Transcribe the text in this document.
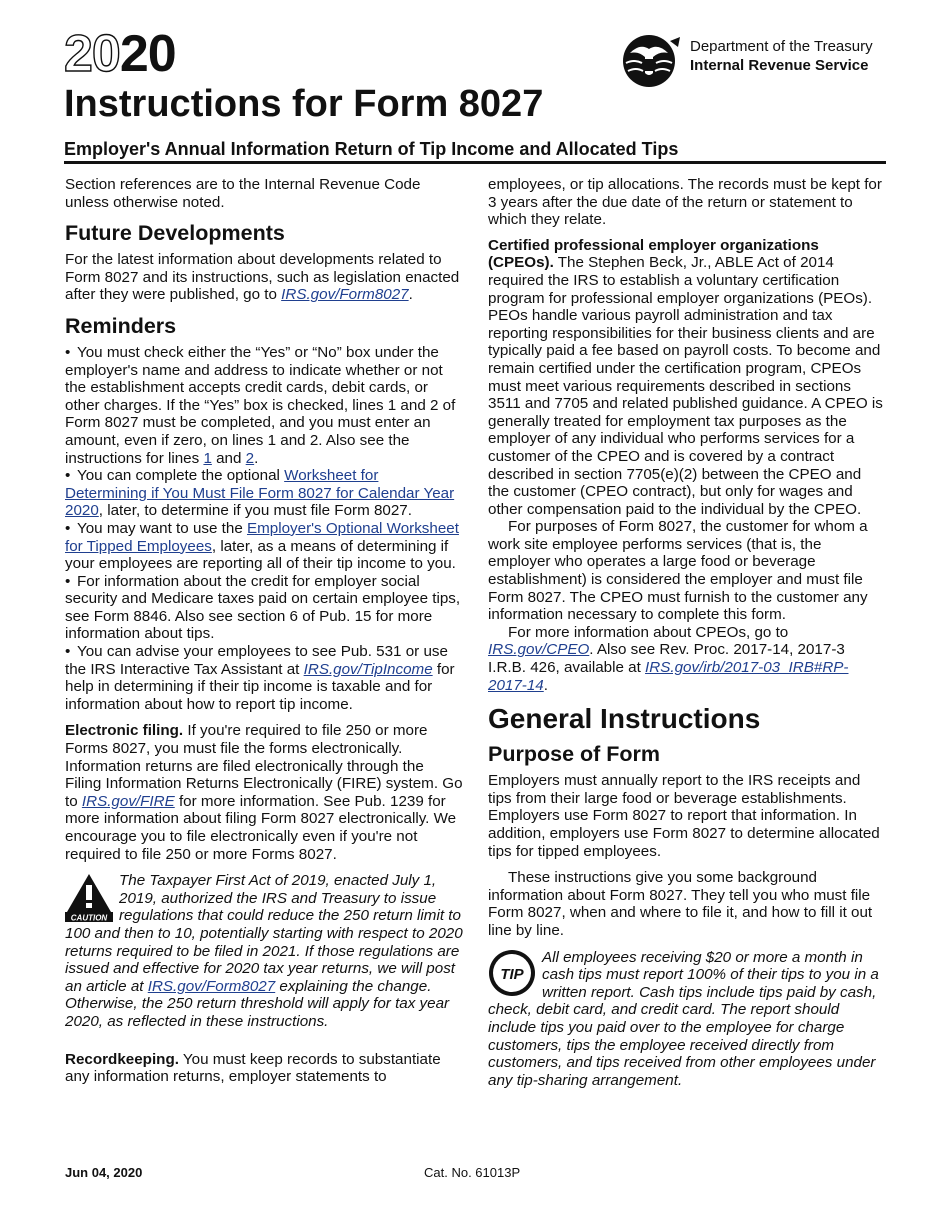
2020
Instructions for Form 8027
Department of the Treasury
Internal Revenue Service
Employer's Annual Information Return of Tip Income and Allocated Tips

Section references are to the Internal Revenue Code unless otherwise noted.

Future Developments

For the latest information about developments related to Form 8027 and its instructions, such as legislation enacted after they were published, go to IRS.gov/Form8027.

Reminders

• You must check either the “Yes” or “No” box under the employer's name and address to indicate whether or not the establishment accepts credit cards, debit cards, or other charges. If the “Yes” box is checked, lines 1 and 2 of Form 8027 must be completed, and you must enter an amount, even if zero, on lines 1 and 2. Also see the instructions for lines 1 and 2.

• You can complete the optional Worksheet for Determining if You Must File Form 8027 for Calendar Year 2020, later, to determine if you must file Form 8027.

• You may want to use the Employer's Optional Worksheet for Tipped Employees, later, as a means of determining if your employees are reporting all of their tip income to you.

• For information about the credit for employer social security and Medicare taxes paid on certain employee tips, see Form 8846. Also see section 6 of Pub. 15 for more information about tips.

• You can advise your employees to see Pub. 531 or use the IRS Interactive Tax Assistant at IRS.gov/TipIncome for help in determining if their tip income is taxable and for information about how to report tip income.

Electronic filing. If you're required to file 250 or more Forms 8027, you must file the forms electronically. Information returns are filed electronically through the Filing Information Returns Electronically (FIRE) system. Go to IRS.gov/FIRE for more information. See Pub. 1239 for more information about filing Form 8027 electronically. We encourage you to file electronically even if you're not required to file 250 or more Forms 8027.

CAUTION
The Taxpayer First Act of 2019, enacted July 1, 2019, authorized the IRS and Treasury to issue regulations that could reduce the 250 return limit to 100 and then to 10, potentially starting with respect to 2020 returns required to be filed in 2021. If those regulations are issued and effective for 2020 tax year returns, we will post an article at IRS.gov/Form8027 explaining the change. Otherwise, the 250 return threshold will apply for tax year 2020, as reflected in these instructions.

Recordkeeping. You must keep records to substantiate any information returns, employer statements to

employees, or tip allocations. The records must be kept for 3 years after the due date of the return or statement to which they relate.

Certified professional employer organizations (CPEOs). The Stephen Beck, Jr., ABLE Act of 2014 required the IRS to establish a voluntary certification program for professional employer organizations (PEOs). PEOs handle various payroll administration and tax reporting responsibilities for their business clients and are typically paid a fee based on payroll costs. To become and remain certified under the certification program, CPEOs must meet various requirements described in sections 3511 and 7705 and related published guidance. A CPEO is generally treated for employment tax purposes as the employer of any individual who performs services for a customer of the CPEO and is covered by a contract described in section 7705(e)(2) between the CPEO and the customer (CPEO contract), but only for wages and other compensation paid to the individual by the CPEO.

For purposes of Form 8027, the customer for whom a work site employee performs services (that is, the employer who operates a large food or beverage establishment) is considered the employer and must file Form 8027. The CPEO must furnish to the customer any information necessary to complete this form.

For more information about CPEOs, go to IRS.gov/CPEO. Also see Rev. Proc. 2017-14, 2017-3 I.R.B. 426, available at IRS.gov/irb/2017-03_IRB#RP-2017-14.

General Instructions
Purpose of Form

Employers must annually report to the IRS receipts and tips from their large food or beverage establishments. Employers use Form 8027 to report that information. In addition, employers use Form 8027 to determine allocated tips for tipped employees.

These instructions give you some background information about Form 8027. They tell you who must file Form 8027, when and where to file it, and how to fill it out line by line.

TIP
All employees receiving $20 or more a month in cash tips must report 100% of their tips to you in a written report. Cash tips include tips paid by cash, check, debit card, and credit card. The report should include tips you paid over to the employee for charge customers, tips the employee received directly from customers, and tips received from other employees under any tip-sharing arrangement.
Jun 04, 2020	Cat. No. 61013P
